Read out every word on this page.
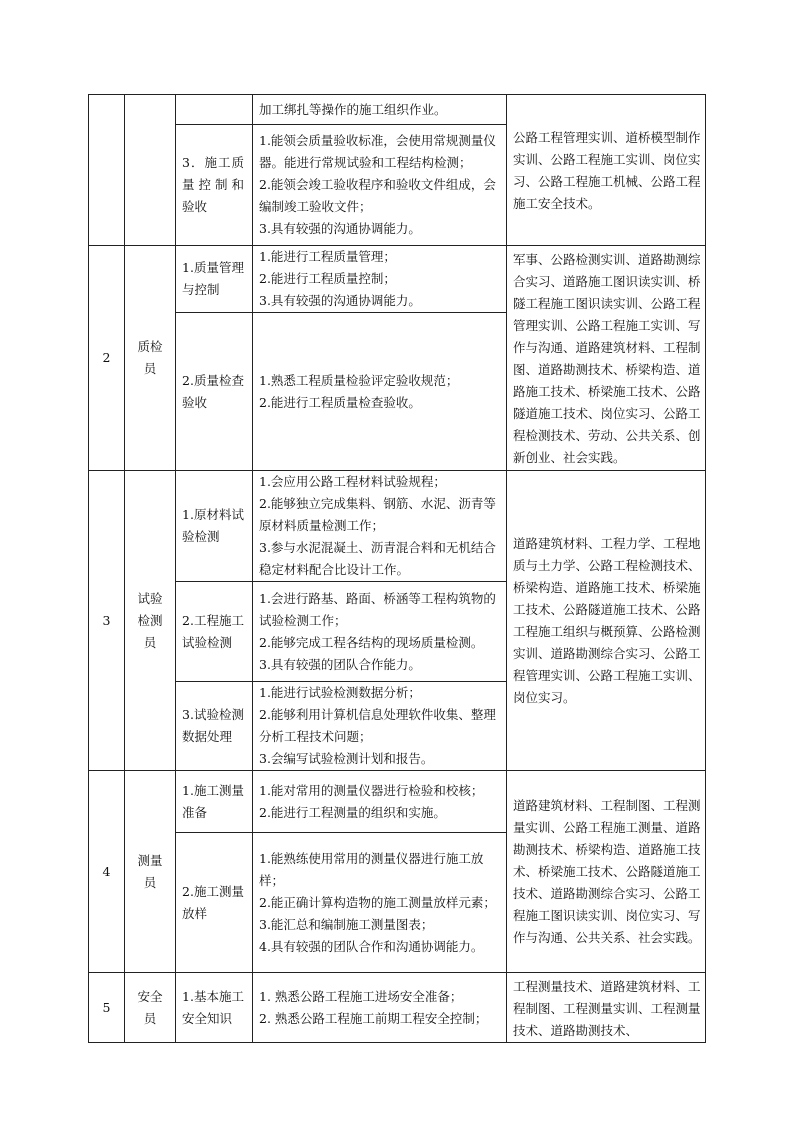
			加工绑扎等操作的施工组织作业。	公路工程管理实训、道桥模型制作实训、公路工程施工实训、岗位实习、公路工程施工机械、公路工程施工安全技术。

		3．施工质量控制和验收	1.能领会质量验收标准，会使用常规测量仪器。能进行常规试验和工程结构检测；
2.能领会竣工验收程序和验收文件组成，会编制竣工验收文件；
3.具有较强的沟通协调能力。	

2	质检员	1.质量管理与控制	1.能进行工程质量管理；
2.能进行工程质量控制；
3.具有较强的沟通协调能力。	军事、公路检测实训、道路勘测综合实习、道路施工图识读实训、桥隧工程施工图识读实训、公路工程管理实训、公路工程施工实训、写作与沟通、道路建筑材料、工程制图、道路勘测技术、桥梁构造、道路施工技术、桥梁施工技术、公路隧道施工技术、岗位实习、公路工程检测技术、劳动、公共关系、创新创业、社会实践。

		2.质量检查验收	1.熟悉工程质量检验评定验收规范；
2.能进行工程质量检查验收。	

3	试验检测员	1.原材料试验检测	1.会应用公路工程材料试验规程；
2.能够独立完成集料、钢筋、水泥、沥青等原材料质量检测工作；
3.参与水泥混凝土、沥青混合料和无机结合稳定材料配合比设计工作。	道路建筑材料、工程力学、工程地质与土力学、公路工程检测技术、桥梁构造、道路施工技术、桥梁施工技术、公路隧道施工技术、公路工程施工组织与概预算、公路检测实训、道路勘测综合实习、公路工程管理实训、公路工程施工实训、岗位实习。

		2.工程施工试验检测	1.会进行路基、路面、桥涵等工程构筑物的试验检测工作；
2.能够完成工程各结构的现场质量检测。
3.具有较强的团队合作能力。	

		3.试验检测数据处理	1.能进行试验检测数据分析；
2.能够利用计算机信息处理软件收集、整理分析工程技术问题；
3.会编写试验检测计划和报告。	

4	测量员	1.施工测量准备	1.能对常用的测量仪器进行检验和校核；
2.能进行工程测量的组织和实施。	道路建筑材料、工程制图、工程测量实训、公路工程施工测量、道路勘测技术、桥梁构造、道路施工技术、桥梁施工技术、公路隧道施工技术、道路勘测综合实习、公路工程施工图识读实训、岗位实习、写作与沟通、公共关系、社会实践。

		2.施工测量放样	1.能熟练使用常用的测量仪器进行施工放样；
2.能正确计算构造物的施工测量放样元素；
3.能汇总和编制施工测量图表；
4.具有较强的团队合作和沟通协调能力。	

5	安全员	1.基本施工安全知识	1. 熟悉公路工程施工进场安全准备；
2. 熟悉公路工程施工前期工程安全控制；	工程测量技术、道路建筑材料、工程制图、工程测量实训、工程测量技术、道路勘测技术、
